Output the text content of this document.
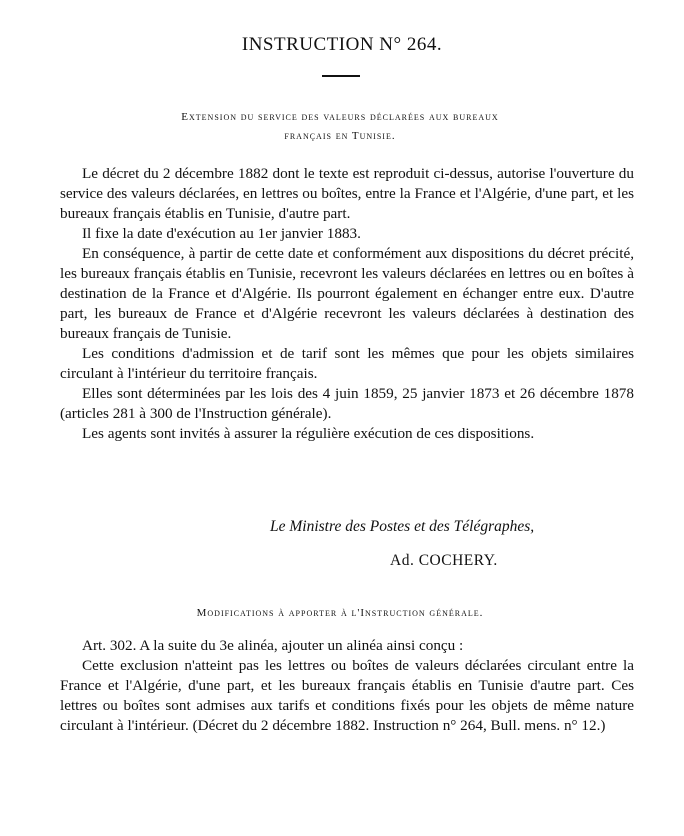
INSTRUCTION N° 264.
Extension du service des valeurs déclarées aux bureaux
français en Tunisie.

Le décret du 2 décembre 1882 dont le texte est reproduit ci-dessus, autorise l'ouverture du service des valeurs déclarées, en lettres ou boîtes, entre la France et l'Algérie, d'une part, et les bureaux français établis en Tunisie, d'autre part.

Il fixe la date d'exécution au 1er janvier 1883.

En conséquence, à partir de cette date et conformément aux dispositions du décret précité, les bureaux français établis en Tunisie, recevront les valeurs déclarées en lettres ou en boîtes à destination de la France et d'Algérie. Ils pourront également en échanger entre eux. D'autre part, les bureaux de France et d'Algérie recevront les valeurs déclarées à destination des bureaux français de Tunisie.

Les conditions d'admission et de tarif sont les mêmes que pour les objets similaires circulant à l'intérieur du territoire français.

Elles sont déterminées par les lois des 4 juin 1859, 25 janvier 1873 et 26 décembre 1878 (articles 281 à 300 de l'Instruction générale).

Les agents sont invités à assurer la régulière exécution de ces dispositions.

Le Ministre des Postes et des Télégraphes,
Ad. COCHERY.
Modifications à apporter à l'Instruction générale.

Art. 302. A la suite du 3e alinéa, ajouter un alinéa ainsi conçu :

Cette exclusion n'atteint pas les lettres ou boîtes de valeurs déclarées circulant entre la France et l'Algérie, d'une part, et les bureaux français établis en Tunisie d'autre part. Ces lettres ou boîtes sont admises aux tarifs et conditions fixés pour les objets de même nature circulant à l'intérieur. (Décret du 2 décembre 1882. Instruction n° 264, Bull. mens. n° 12.)
